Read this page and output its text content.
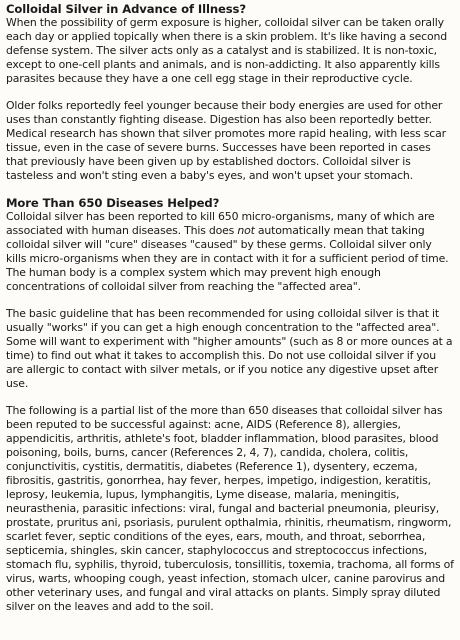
Colloidal Silver in Advance of Illness?

When the possibility of germ exposure is higher, colloidal silver can be taken orally each day or applied topically when there is a skin problem. It's like having a second defense system. The silver acts only as a catalyst and is stabilized. It is non-toxic, except to one-cell plants and animals, and is non-addicting. It also apparently kills parasites because they have a one cell egg stage in their reproductive cycle.

Older folks reportedly feel younger because their body energies are used for other uses than constantly fighting disease. Digestion has also been reportedly better. Medical research has shown that silver promotes more rapid healing, with less scar tissue, even in the case of severe burns. Successes have been reported in cases that previously have been given up by established doctors. Colloidal silver is tasteless and won't sting even a baby's eyes, and won't upset your stomach.

More Than 650 Diseases Helped?

Colloidal silver has been reported to kill 650 micro-organisms, many of which are associated with human diseases. This does not automatically mean that taking colloidal silver will "cure" diseases "caused" by these germs. Colloidal silver only kills micro-organisms when they are in contact with it for a sufficient period of time. The human body is a complex system which may prevent high enough concentrations of colloidal silver from reaching the "affected area".

The basic guideline that has been recommended for using colloidal silver is that it usually "works" if you can get a high enough concentration to the "affected area". Some will want to experiment with "higher amounts" (such as 8 or more ounces at a time) to find out what it takes to accomplish this. Do not use colloidal silver if you are allergic to contact with silver metals, or if you notice any digestive upset after use.

The following is a partial list of the more than 650 diseases that colloidal silver has been reputed to be successful against: acne, AIDS (Reference 8), allergies, appendicitis, arthritis, athlete's foot, bladder inflammation, blood parasites, blood poisoning, boils, burns, cancer (References 2, 4, 7), candida, cholera, colitis, conjunctivitis, cystitis, dermatitis, diabetes (Reference 1), dysentery, eczema, fibrositis, gastritis, gonorrhea, hay fever, herpes, impetigo, indigestion, keratitis, leprosy, leukemia, lupus, lymphangitis, Lyme disease, malaria, meningitis, neurasthenia, parasitic infections: viral, fungal and bacterial pneumonia, pleurisy, prostate, pruritus ani, psoriasis, purulent opthalmia, rhinitis, rheumatism, ringworm, scarlet fever, septic conditions of the eyes, ears, mouth, and throat, seborrhea, septicemia, shingles, skin cancer, staphylococcus and streptococcus infections, stomach flu, syphilis, thyroid, tuberculosis, tonsillitis, toxemia, trachoma, all forms of virus, warts, whooping cough, yeast infection, stomach ulcer, canine parovirus and other veterinary uses, and fungal and viral attacks on plants. Simply spray diluted silver on the leaves and add to the soil.
